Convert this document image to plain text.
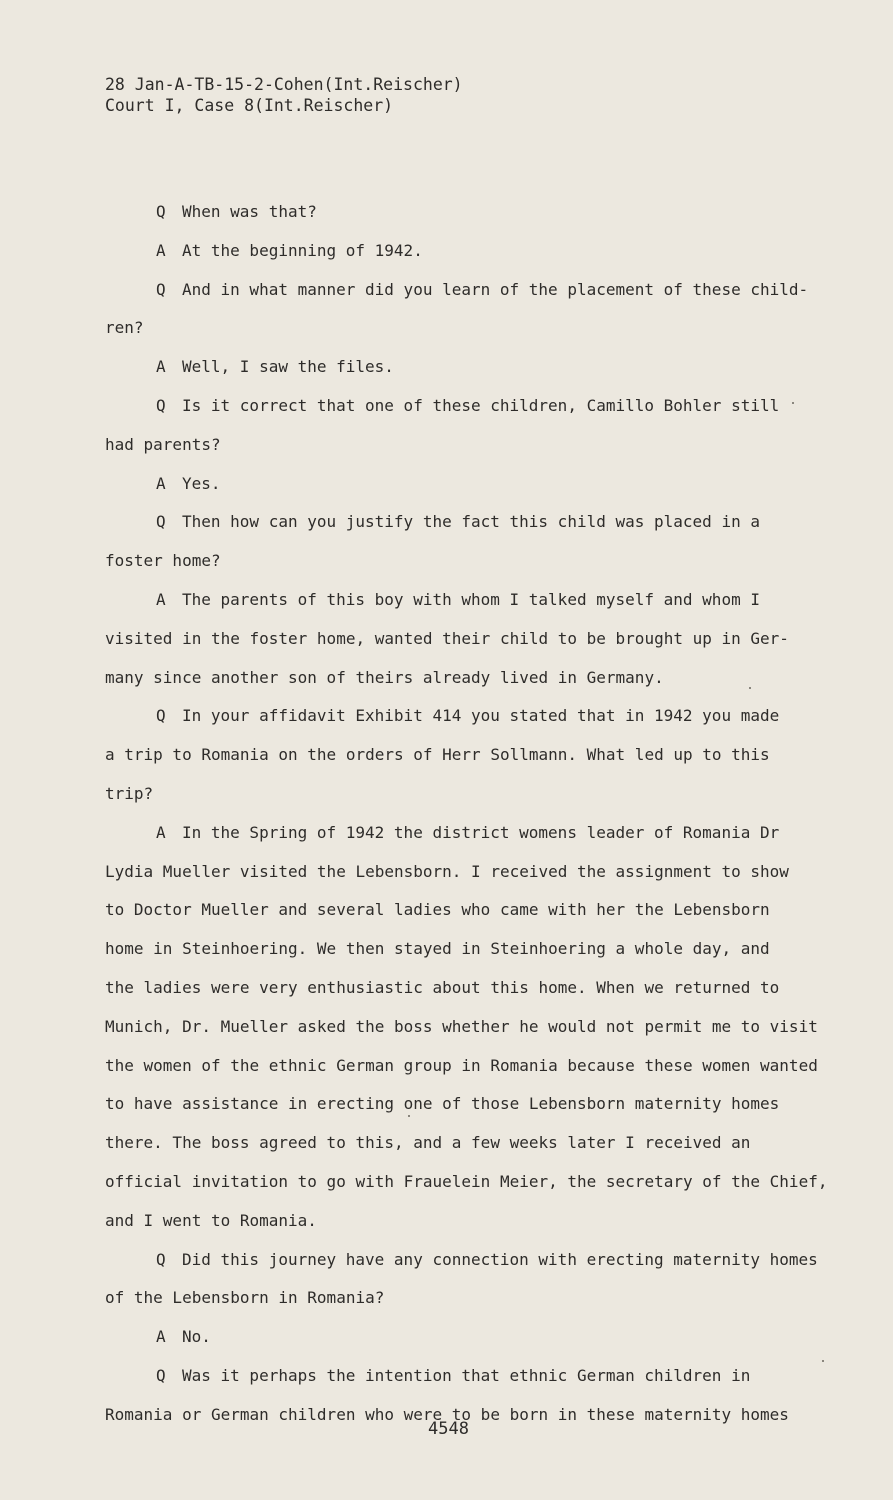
28 Jan-A-TB-15-2-Cohen(Int.Reischer)
Court I, Case 8(Int.Reischer)
Q When was that?
A At the beginning of 1942.
Q And in what manner did you learn of the placement of these child-
ren?
A Well, I saw the files.
Q Is it correct that one of these children, Camillo Bohler still
had parents?
A Yes.
Q Then how can you justify the fact this child was placed in a
foster home?
A The parents of this boy with whom I talked myself and whom I
visited in the foster home, wanted their child to be brought up in Ger-
many since another son of theirs already lived in Germany.
Q In your affidavit Exhibit 414 you stated that in 1942 you made
a trip to Romania on the orders of Herr Sollmann. What led up to this
trip?
A In the Spring of 1942 the district womens leader of Romania Dr
Lydia Mueller visited the Lebensborn. I received the assignment to show
to Doctor Mueller and several ladies who came with her the Lebensborn
home in Steinhoering. We then stayed in Steinhoering a whole day, and
the ladies were very enthusiastic about this home. When we returned to
Munich, Dr. Mueller asked the boss whether he would not permit me to visit
the women of the ethnic German group in Romania because these women wanted
to have assistance in erecting one of those Lebensborn maternity homes
there. The boss agreed to this, and a few weeks later I received an
official invitation to go with Frauelein Meier, the secretary of the Chief,
and I went to Romania.
Q Did this journey have any connection with erecting maternity homes
of the Lebensborn in Romania?
A No.
Q Was it perhaps the intention that ethnic German children in
Romania or German children who were to be born in these maternity homes
4548
